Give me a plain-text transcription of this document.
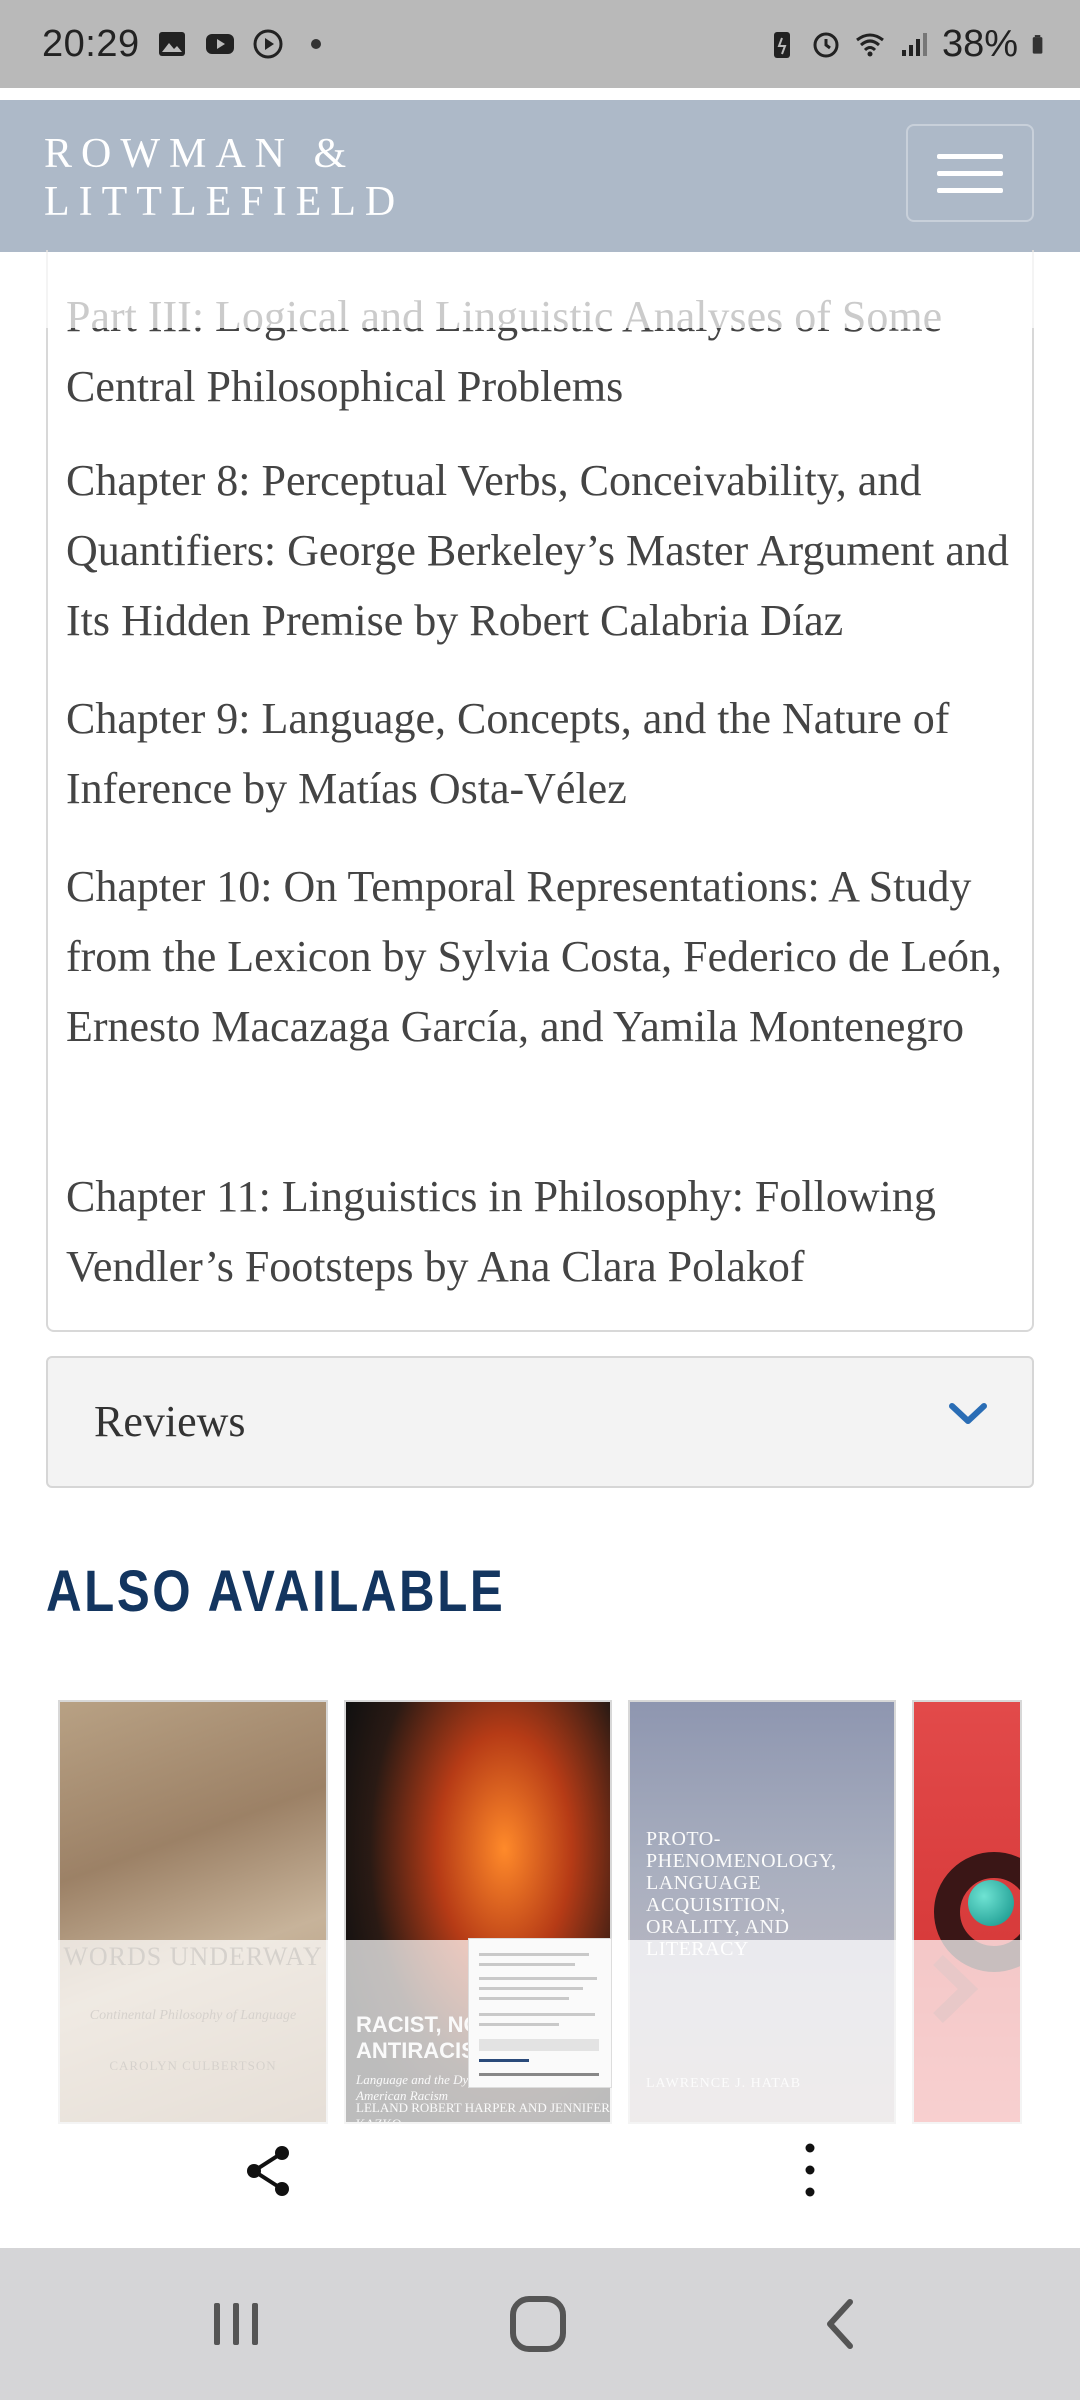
20:29	38%
ROWMAN &
LITTLEFIELD

Central Philosophical Problems

Chapter 8: Perceptual Verbs, Conceivability, and Quantifiers: George Berkeley’s Master Argument and Its Hidden Premise by Robert Calabria Díaz

Chapter 9: Language, Concepts, and the Nature of Inference by Matías Osta-Vélez

Chapter 10: On Temporal Representations: A Study from the Lexicon by Sylvia Costa, Federico de León, Ernesto Macazaga García, and Yamila Montenegro

Chapter 11: Linguistics in Philosophy: Following Vendler’s Footsteps by Ana Clara Polakof

Reviews
ALSO AVAILABLE
PROTO-PHENOMENOLOGY, LANGUAGE ACQUISITION, ORALITY, AND
